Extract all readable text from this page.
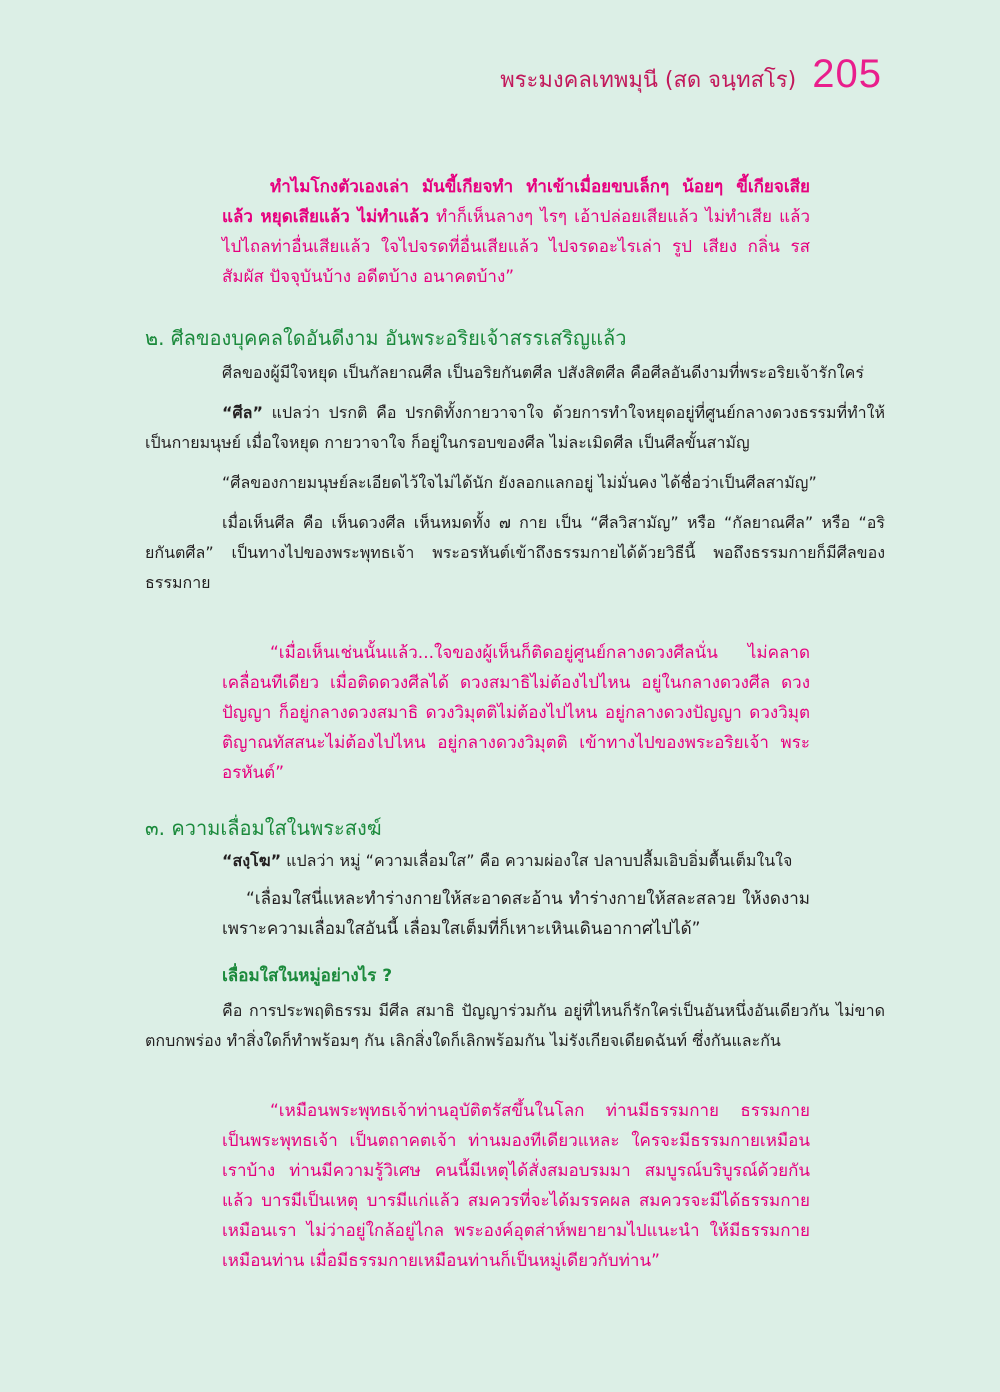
พระมงคลเทพมุนี (สด จนฺทสโร) 205
ทำไมโกงตัวเองเล่า มันขี้เกียจทำ ทำเข้าเมื่อยขบเล็กๆ น้อยๆ ขี้เกียจเสีย แล้ว หยุดเสียแล้ว ไม่ทำแล้ว ทำก็เห็นลางๆ ไรๆ เอ้าปล่อยเสียแล้ว ไม่ทำเสีย แล้ว ไปไถลท่าอื่นเสียแล้ว ใจไปจรดที่อื่นเสียแล้ว ไปจรดอะไรเล่า รูป เสียง กลิ่น รส สัมผัส ปัจจุบันบ้าง อดีตบ้าง อนาคตบ้าง”
๒. ศีลของบุคคลใดอันดีงาม อันพระอริยเจ้าสรรเสริญแล้ว
ศีลของผู้มีใจหยุด เป็นกัลยาณศีล เป็นอริยกันตศีล ปสังสิตศีล คือศีลอันดีงามที่พระอริยเจ้ารักใคร่
“ศีล” แปลว่า ปรกติ คือ ปรกติทั้งกายวาจาใจ ด้วยการทำใจหยุดอยู่ที่ศูนย์กลางดวงธรรมที่ทำให้เป็นกายมนุษย์ เมื่อใจหยุด กายวาจาใจ ก็อยู่ในกรอบของศีล ไม่ละเมิดศีล เป็นศีลขั้นสามัญ
“ศีลของกายมนุษย์ละเอียดไว้ใจไม่ได้นัก ยังลอกแลกอยู่ ไม่มั่นคง ได้ชื่อว่าเป็นศีลสามัญ”
เมื่อเห็นศีล คือ เห็นดวงศีล เห็นหมดทั้ง ๗ กาย เป็น “ศีลวิสามัญ” หรือ “กัลยาณศีล” หรือ “อริยกันตศีล” เป็นทางไปของพระพุทธเจ้า พระอรหันต์เข้าถึงธรรมกายได้ด้วยวิธีนี้ พอถึงธรรมกายก็มีศีลของธรรมกาย
“เมื่อเห็นเช่นนั้นแล้ว...ใจของผู้เห็นก็ติดอยู่ศูนย์กลางดวงศีลนั่น ไม่คลาดเคลื่อนทีเดียว เมื่อติดดวงศีลได้ ดวงสมาธิไม่ต้องไปไหน อยู่ในกลางดวงศีล ดวงปัญญา ก็อยู่กลางดวงสมาธิ ดวงวิมุตติไม่ต้องไปไหน อยู่กลางดวงปัญญา ดวงวิมุตติญาณทัสสนะไม่ต้องไปไหน อยู่กลางดวงวิมุตติ เข้าทางไปของพระอริยเจ้า พระอรหันต์”
๓. ความเลื่อมใสในพระสงฆ์
“สงฺโฆ” แปลว่า หมู่ “ความเลื่อมใส” คือ ความผ่องใส ปลาบปลื้มเอิบอิ่มตื้นเต็มในใจ
“เลื่อมใสนี่แหละทำร่างกายให้สะอาดสะอ้าน ทำร่างกายให้สละสลวย ให้งดงาม เพราะความเลื่อมใสอันนี้ เลื่อมใสเต็มที่ก็เหาะเหินเดินอากาศไปได้”
เลื่อมใสในหมู่อย่างไร ?
คือ การประพฤติธรรม มีศีล สมาธิ ปัญญาร่วมกัน อยู่ที่ไหนก็รักใคร่เป็นอันหนึ่งอันเดียวกัน ไม่ขาดตกบกพร่อง ทำสิ่งใดก็ทำพร้อมๆ กัน เลิกสิ่งใดก็เลิกพร้อมกัน ไม่รังเกียจเดียดฉันท์ ซึ่งกันและกัน
“เหมือนพระพุทธเจ้าท่านอุบัติตรัสขึ้นในโลก ท่านมีธรรมกาย ธรรมกาย เป็นพระพุทธเจ้า เป็นตถาคตเจ้า ท่านมองทีเดียวแหละ ใครจะมีธรรมกายเหมือนเราบ้าง ท่านมีความรู้วิเศษ คนนี้มีเหตุได้สั่งสมอบรมมา สมบูรณ์บริบูรณ์ด้วยกันแล้ว บารมีเป็นเหตุ บารมีแก่แล้ว สมควรที่จะได้มรรคผล สมควรจะมีได้ธรรมกายเหมือนเรา ไม่ว่าอยู่ใกล้อยู่ไกล พระองค์อุตส่าห์พยายามไปแนะนำ ให้มีธรรมกายเหมือนท่าน เมื่อมีธรรมกายเหมือนท่านก็เป็นหมู่เดียวกับท่าน”
